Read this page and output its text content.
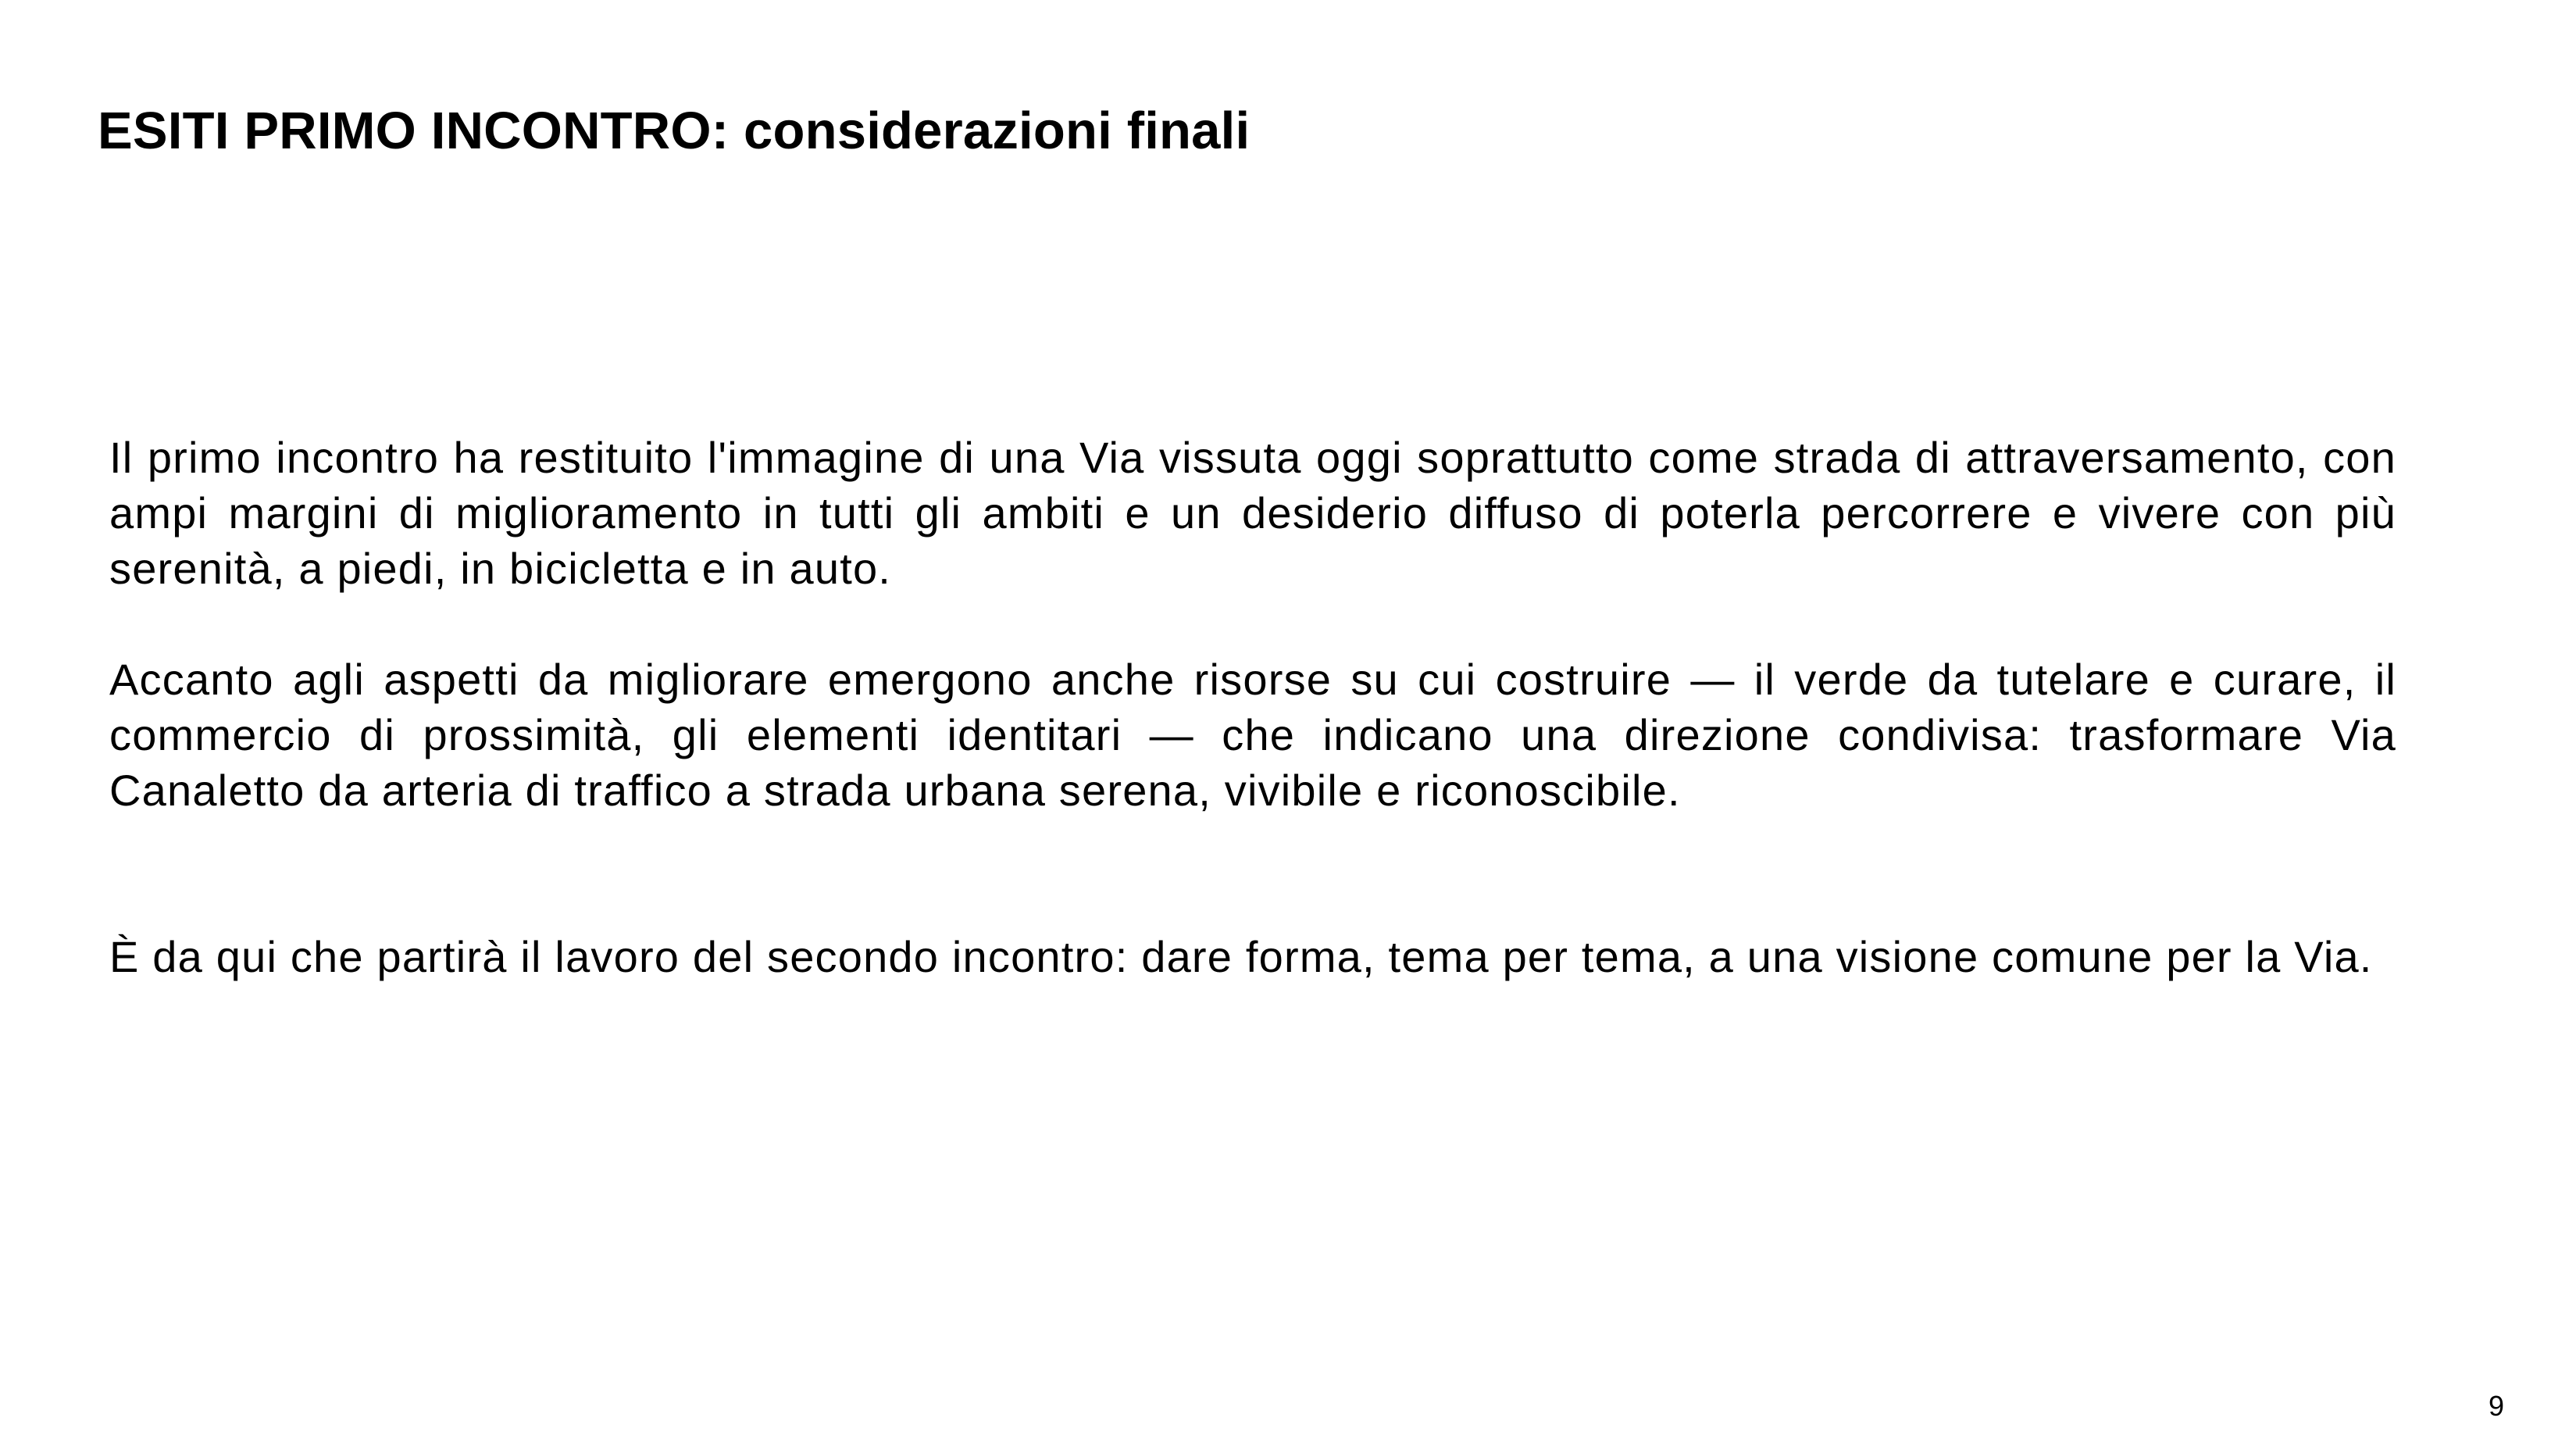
ESITI PRIMO INCONTRO: considerazioni finali

Il primo incontro ha restituito l'immagine di una Via vissuta oggi soprattutto come strada di attraversamento, con ampi margini di miglioramento in tutti gli ambiti e un desiderio diffuso di poterla percorrere e vivere con più serenità, a piedi, in bicicletta e in auto.

Accanto agli aspetti da migliorare emergono anche risorse su cui costruire — il verde da tutelare e curare, il commercio di prossimità, gli elementi identitari — che indicano una direzione condivisa: trasformare Via Canaletto da arteria di traffico a strada urbana serena, vivibile e riconoscibile.

È da qui che partirà il lavoro del secondo incontro: dare forma, tema per tema, a una visione comune per la Via.

9
